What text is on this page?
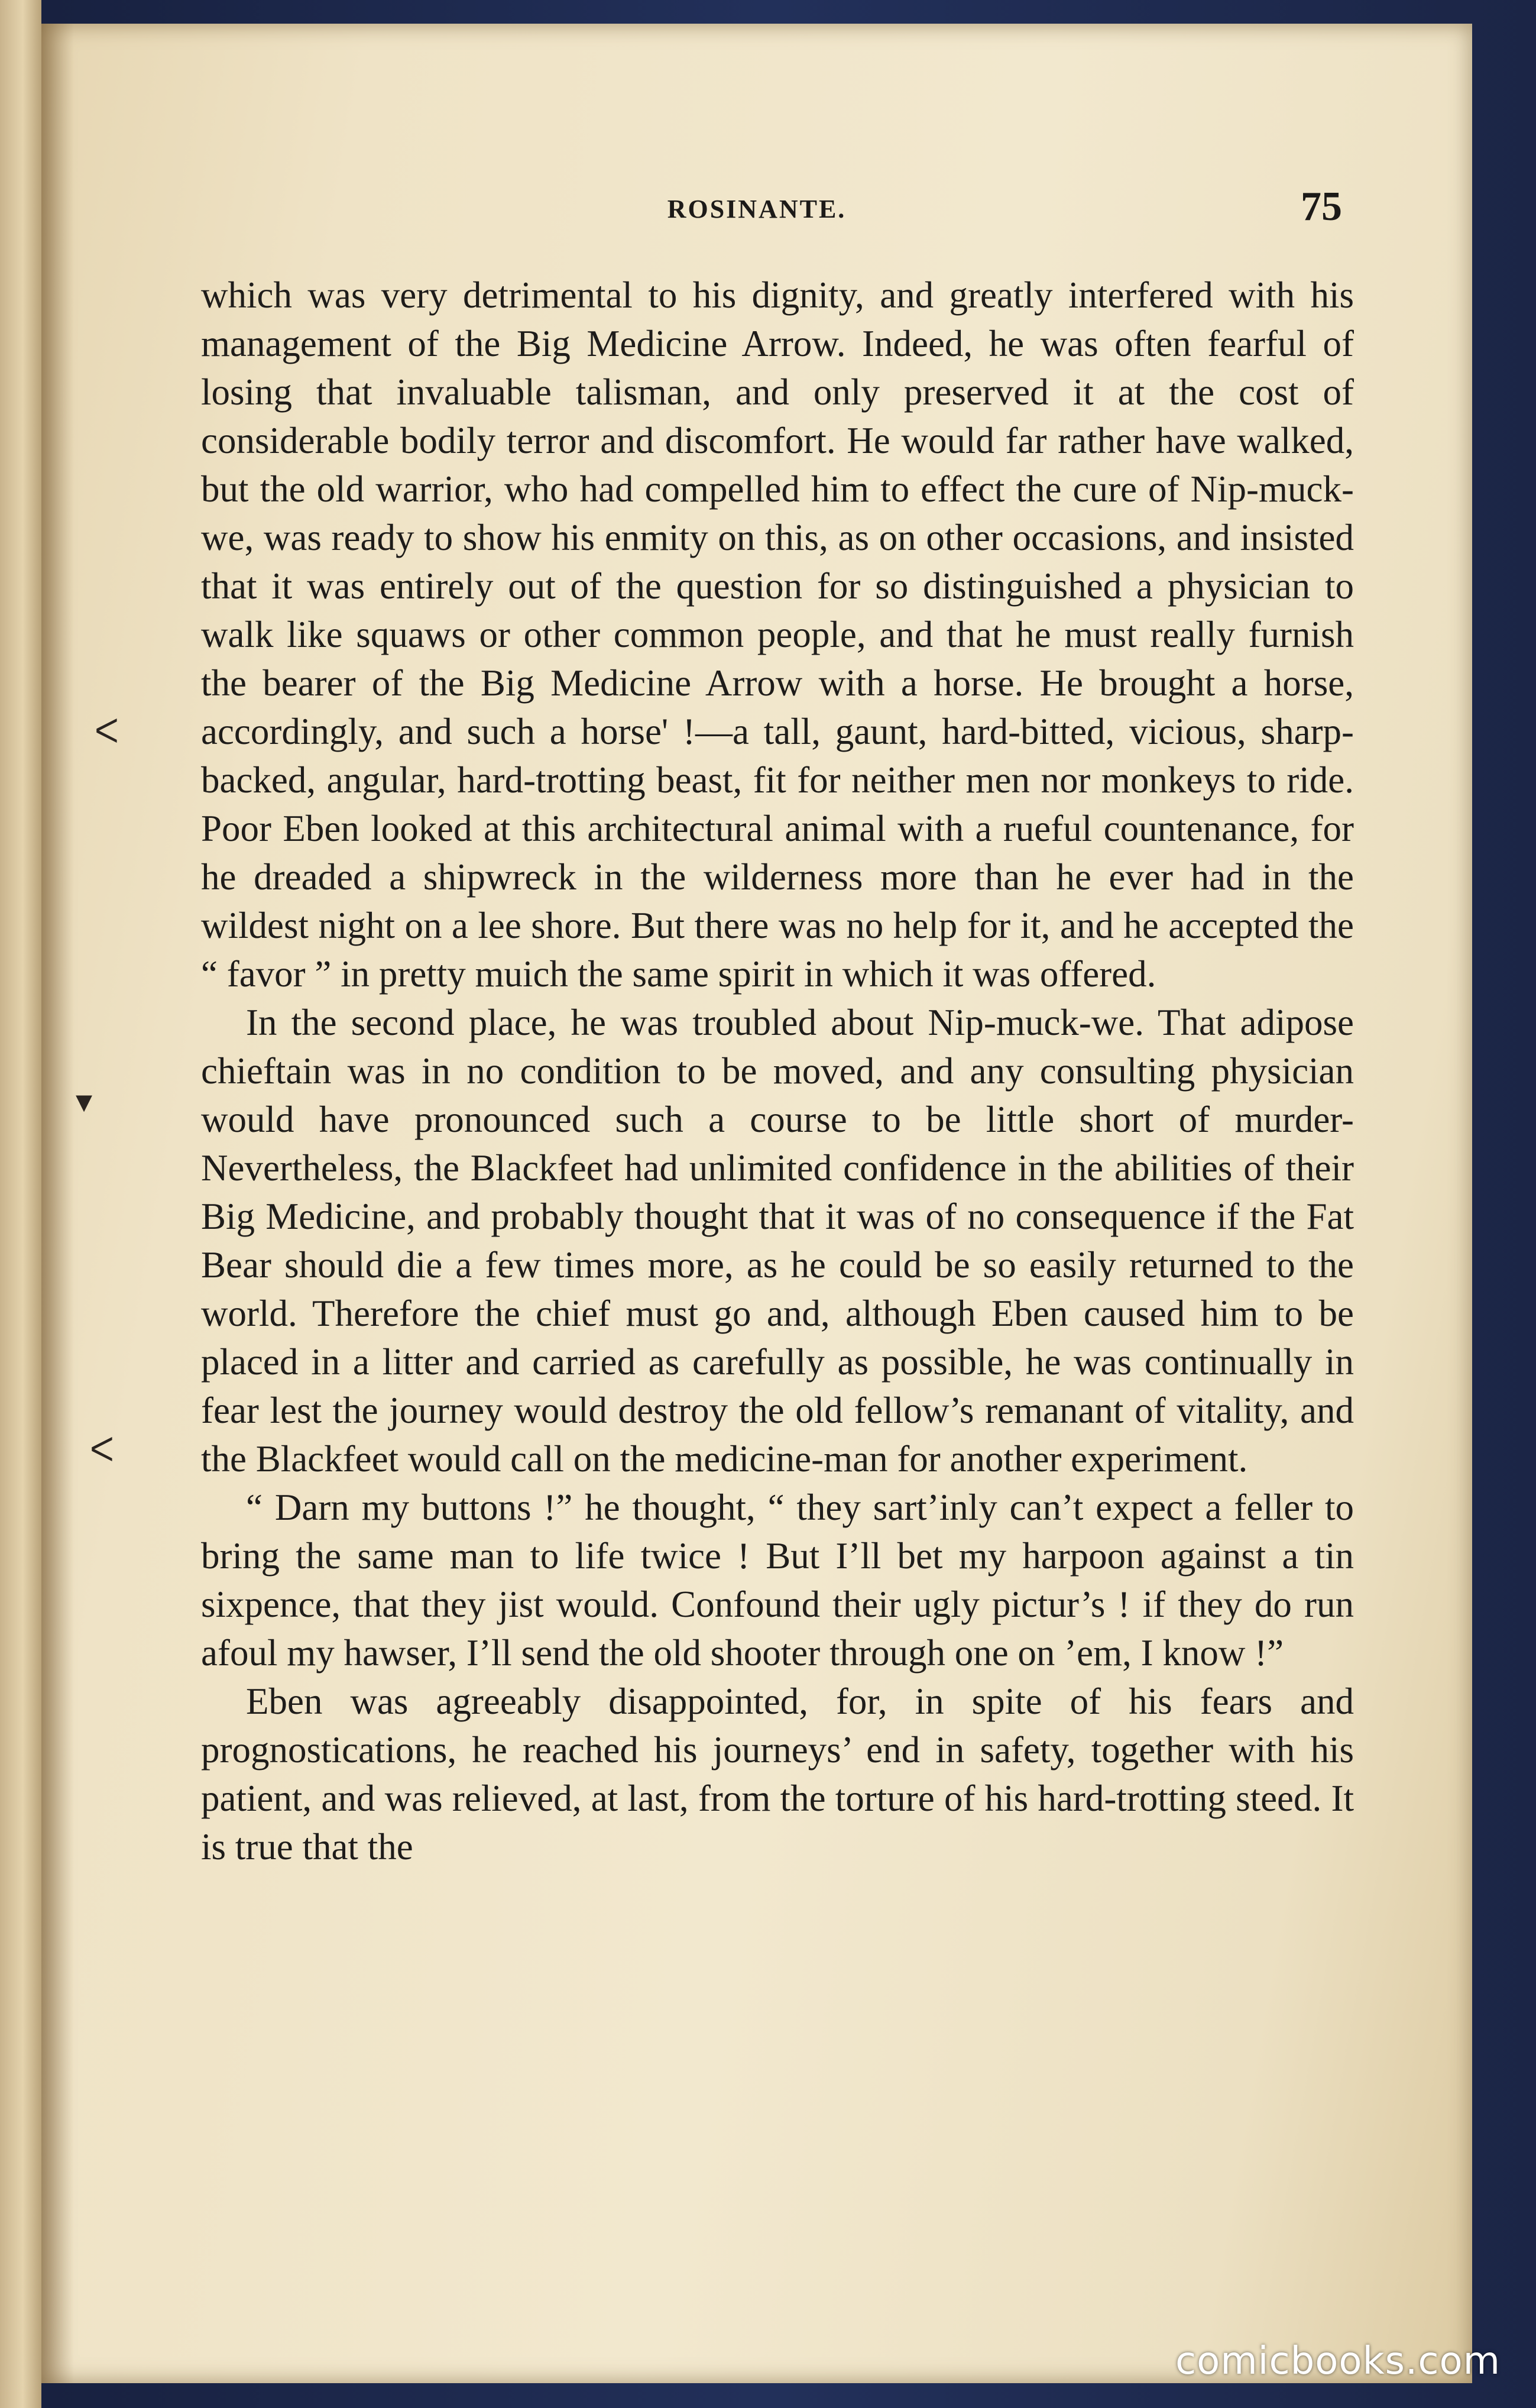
ROSINANTE.	75

which was very detrimental to his dignity, and greatly interfered with his management of the Big Medicine Arrow. Indeed, he was often fearful of losing that invaluable talisman, and only preserved it at the cost of considerable bodily terror and discomfort. He would far rather have walked, but the old warrior, who had compelled him to effect the cure of Nip-muck-we, was ready to show his enmity on this, as on other occasions, and insisted that it was entirely out of the question for so distinguished a physician to walk like squaws or other common people, and that he must really furnish the bearer of the Big Medicine Arrow with a horse. He brought a horse, accordingly, and such a horse' !—a tall, gaunt, hard-bitted, vicious, sharp-backed, angular, hard-trotting beast, fit for neither men nor monkeys to ride. Poor Eben looked at this architectural animal with a rueful countenance, for he dreaded a shipwreck in the wilderness more than he ever had in the wildest night on a lee shore. But there was no help for it, and he accepted the “ favor ” in pretty muich the same spirit in which it was offered.

In the second place, he was troubled about Nip-muck-we. That adipose chieftain was in no condition to be moved, and any consulting physician would have pronounced such a course to be little short of murder-Nevertheless, the Blackfeet had unlimited confidence in the abilities of their Big Medicine, and probably thought that it was of no consequence if the Fat Bear should die a few times more, as he could be so easily returned to the world. Therefore the chief must go and, although Eben caused him to be placed in a litter and carried as carefully as possible, he was continually in fear lest the journey would destroy the old fellow’s remanant of vitality, and the Blackfeet would call on the medicine-man for another experiment.

“ Darn my buttons !” he thought, “ they sart’inly can’t expect a feller to bring the same man to life twice ! But I’ll bet my harpoon against a tin sixpence, that they jist would. Confound their ugly pictur’s ! if they do run afoul my hawser, I’ll send the old shooter through one on ’em, I know !”

Eben was agreeably disappointed, for, in spite of his fears and prognostications, he reached his journeys’ end in safety, together with his patient, and was relieved, at last, from the torture of his hard-trotting steed. It is true that the

ᐸ
▾
ᐸ
comicbooks.com
